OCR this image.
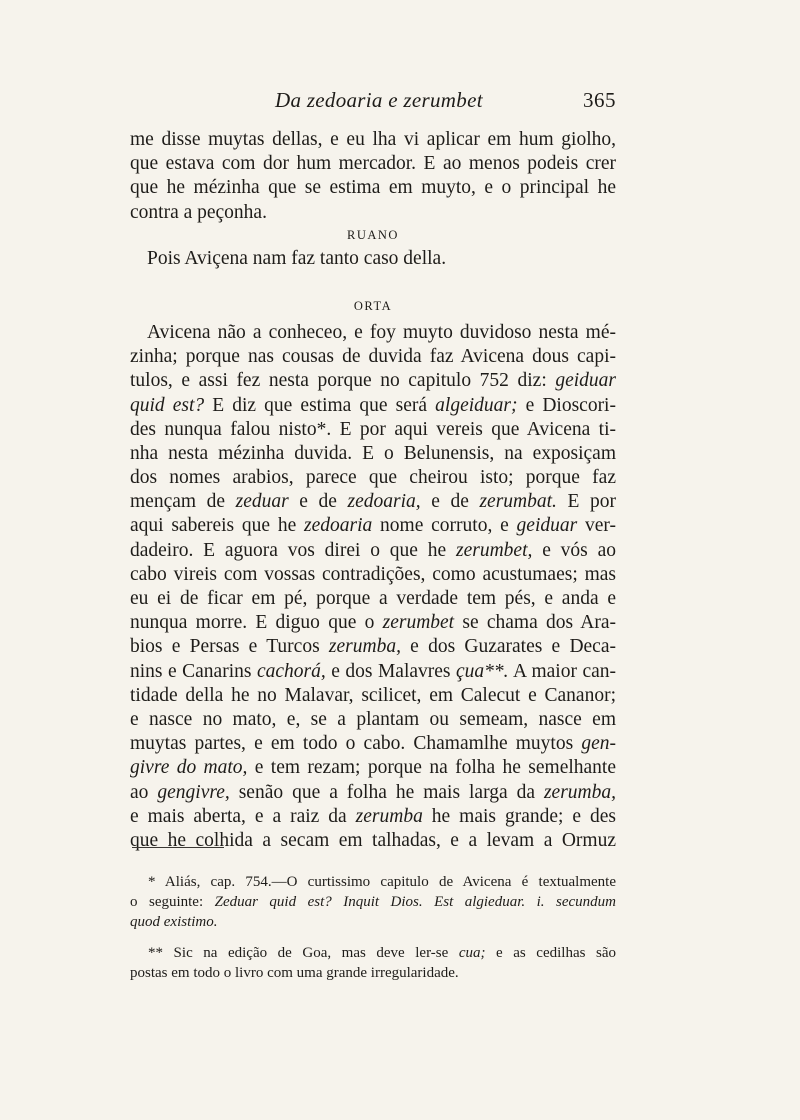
Da zedoaria e zerumbet	365
me disse muytas dellas, e eu lha vi aplicar em hum giolho,
que estava com dor hum mercador. E ao menos podeis crer
que he mézinha que se estima em muyto, e o principal he
contra a peçonha.
RUANO
Pois Aviçena nam faz tanto caso della.
ORTA
Avicena não a conheceo, e foy muyto duvidoso nesta mé-
zinha; porque nas cousas de duvida faz Avicena dous capi-
tulos, e assi fez nesta porque no capitulo 752 diz: geiduar
quid est? E diz que estima que será algeiduar; e Dioscori-
des nunqua falou nisto*. E por aqui vereis que Avicena ti-
nha nesta mézinha duvida. E o Belunensis, na exposiçam
dos nomes arabios, parece que cheirou isto; porque faz
mençam de zeduar e de zedoaria, e de zerumbat. E por
aqui sabereis que he zedoaria nome corruto, e geiduar ver-
dadeiro. E aguora vos direi o que he zerumbet, e vós ao
cabo vireis com vossas contradições, como acustumaes; mas
eu ei de ficar em pé, porque a verdade tem pés, e anda e
nunqua morre. E diguo que o zerumbet se chama dos Ara-
bios e Persas e Turcos zerumba, e dos Guzarates e Deca-
nins e Canarins cachorá, e dos Malavres çua**. A maior can-
tidade della he no Malavar, scilicet, em Calecut e Cananor;
e nasce no mato, e, se a plantam ou semeam, nasce em
muytas partes, e em todo o cabo. Chamamlhe muytos gen-
givre do mato, e tem rezam; porque na folha he semelhante
ao gengivre, senão que a folha he mais larga da zerumba,
e mais aberta, e a raiz da zerumba he mais grande; e des
que he colhida a secam em talhadas, e a levam a Ormuz
* Aliás, cap. 754.—O curtissimo capitulo de Avicena é textualmente
o seguinte: Zeduar quid est? Inquit Dios. Est algieduar. i. secundum
quod existimo.
** Sic na edição de Goa, mas deve ler-se cua; e as cedilhas são
postas em todo o livro com uma grande irregularidade.
